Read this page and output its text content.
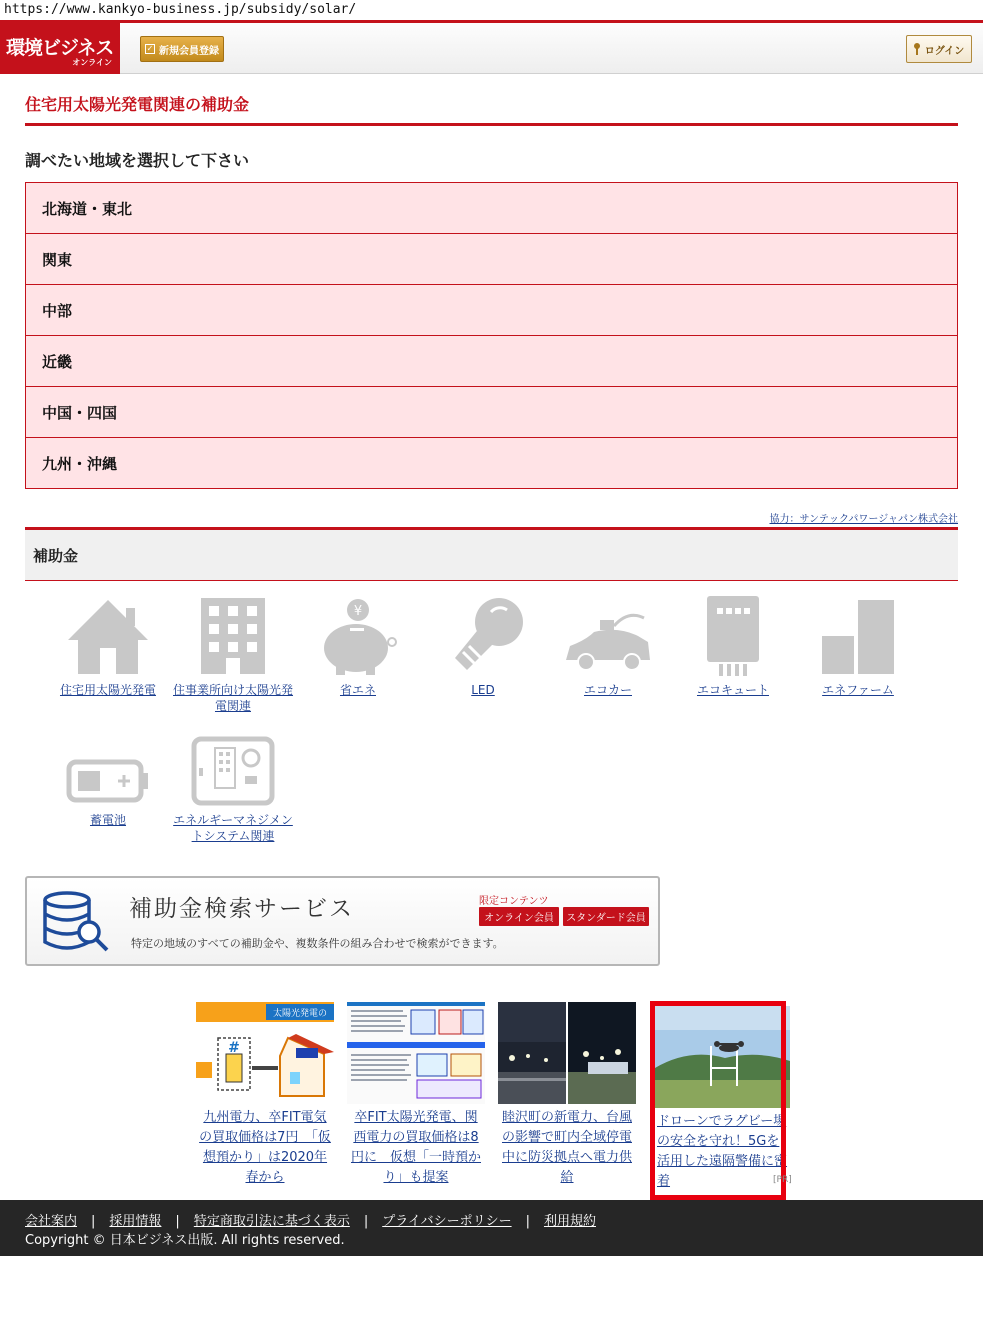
https://www.kankyo-business.jp/subsidy/solar/
環境ビジネス
オンライン
✓ 新規会員登録	ログイン
住宅用太陽光発電関連の補助金
調べたい地域を選択して下さい
北海道・東北
関東
中部
近畿
中国・四国
九州・沖縄
協力：サンテックパワージャパン株式会社
補助金
住宅用太陽光発電	住事業所向け太陽光発電関連
¥
省エネ	LED	エコカー	エコキュート	エネファーム
蓄電池	エネルギーマネジメントシステム関連
補助金検索サービス
特定の地域のすべての補助金や、複数条件の組み合わせで検索ができます。
限定コンテンツ
オンライン会員	スタンダード会員
太陽光発電の
#
九州電力、卒FIT電気の買取価格は7円　「仮想預かり」は2020年春から
卒FIT太陽光発電、関西電力の買取価格は8円に　仮想「一時預かり」も提案
睦沢町の新電力、台風の影響で町内全域停電中に防災拠点へ電力供給
ドローンでラグビー場の安全を守れ！5Gを活用した遠隔警備に密着	[PR]
会社案内 | 採用情報 | 特定商取引法に基づく表示 | プライバシーポリシー | 利用規約
Copyright © 日本ビジネス出版. All rights reserved.
